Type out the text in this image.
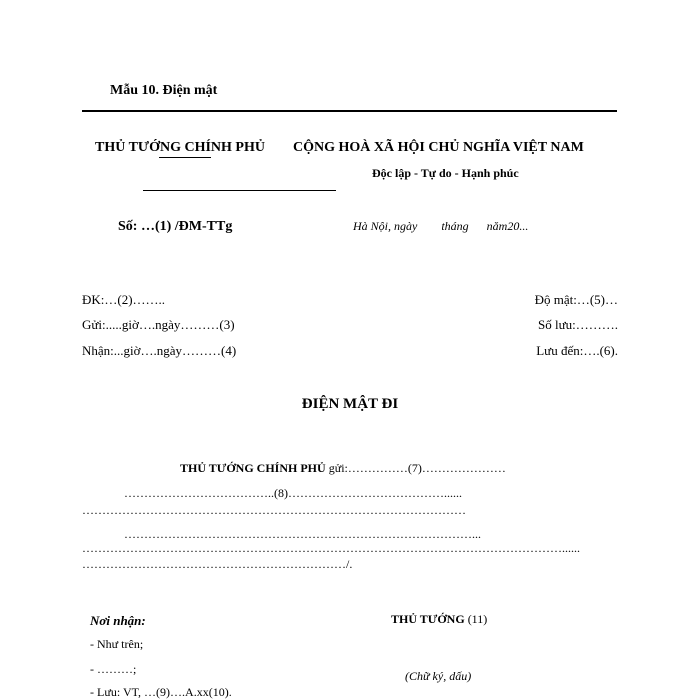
Mẫu 10. Điện mật
THỦ TƯỚNG CHÍNH PHỦ CỘNG HOÀ XÃ HỘI CHỦ NGHĨA VIỆT NAM
Độc lập - Tự do - Hạnh phúc
Số: …(1) /ĐM-TTg	Hà Nội, ngày        tháng      năm20...
ĐK:…(2)……..
Gửi:.....giờ….ngày………(3)
Nhận:...giờ….ngày………(4)
Độ mật:…(5)…
Số lưu:……….
Lưu đến:….(6).
ĐIỆN MẬT ĐI
THỦ TƯỚNG CHÍNH PHỦ gửi:……………(7)…………………
………………………………..(8)…………………………………......
……………………………………………………………………………………
……………………………………………………………………………...
…………………………………………………………………………………………………………......
…………………………………………………………/.
Nơi nhận:
- Như trên;
- ………;
- Lưu: VT, …(9)….A.xx(10).
THỦ TƯỚNG (11)
(Chữ ký, dấu)
